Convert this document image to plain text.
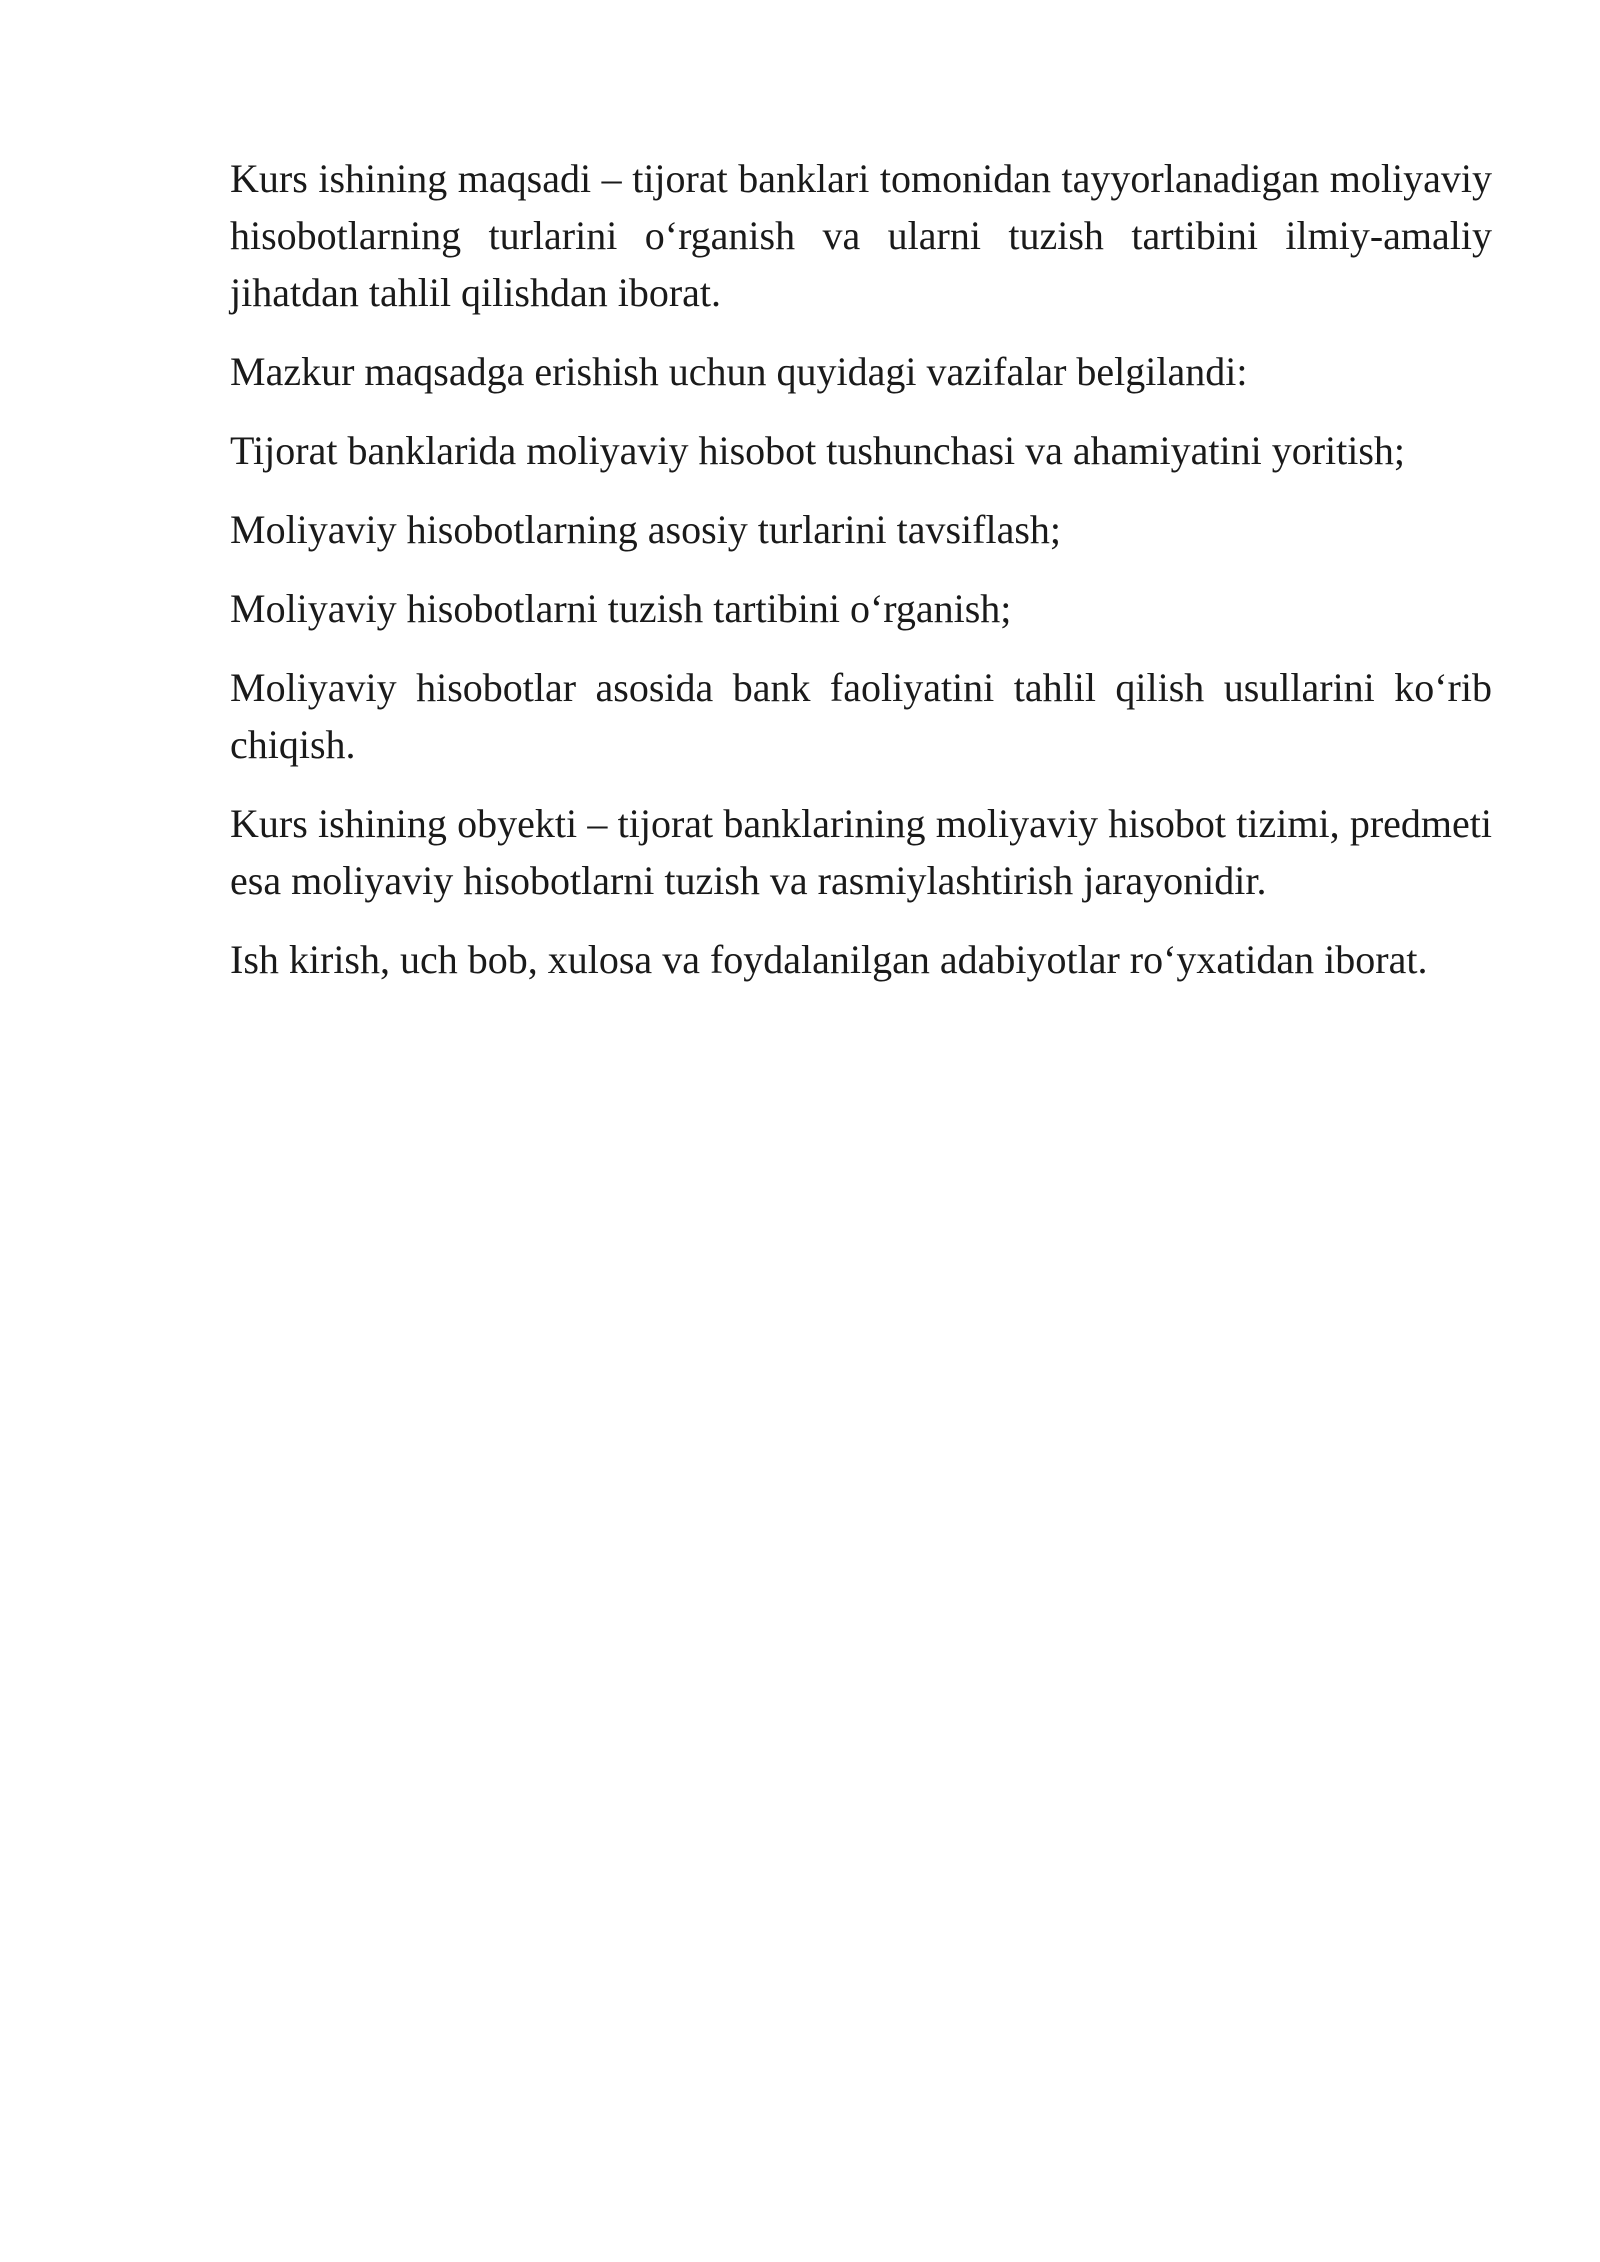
Kurs ishining maqsadi – tijorat banklari tomonidan tayyorlanadigan moliyaviy hisobotlarning turlarini o‘rganish va ularni tuzish tartibini ilmiy-amaliy jihatdan tahlil qilishdan iborat.

Mazkur maqsadga erishish uchun quyidagi vazifalar belgilandi:

Tijorat banklarida moliyaviy hisobot tushunchasi va ahamiyatini yoritish;

Moliyaviy hisobotlarning asosiy turlarini tavsiflash;

Moliyaviy hisobotlarni tuzish tartibini o‘rganish;

Moliyaviy hisobotlar asosida bank faoliyatini tahlil qilish usullarini ko‘rib chiqish.

Kurs ishining obyekti – tijorat banklarining moliyaviy hisobot tizimi, predmeti esa moliyaviy hisobotlarni tuzish va rasmiylashtirish jarayonidir.

Ish kirish, uch bob, xulosa va foydalanilgan adabiyotlar ro‘yxatidan iborat.
